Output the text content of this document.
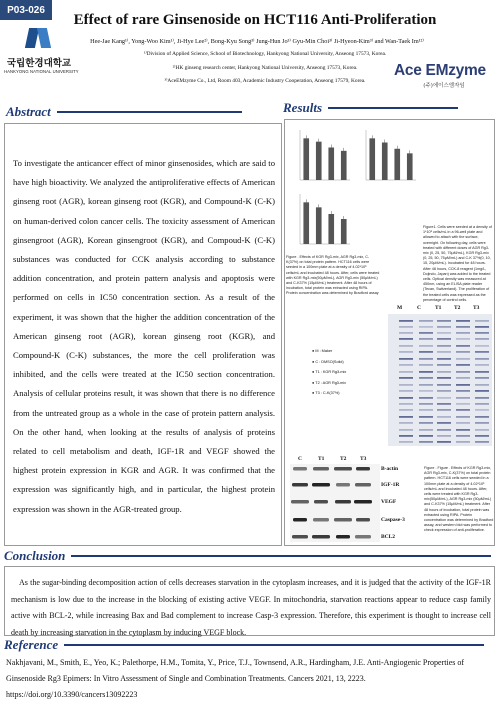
P03-026
국립한경대학교
HANKYONG NATIONAL UNIVERSITY
Effect of rare Ginsenoside on HCT116 Anti-Proliferation
Hee-Jae Kang¹⁾, Yong-Woo Kim¹⁾, Ji-Hye Lee²⁾, Bong-Kyu Song³⁾ Jung-Hun Jo³⁾ Gyu-Min Choi³⁾ Ji-Hyeon-Kim³⁾ and Wan-Taek Im¹²⁾
¹⁾Division of Applied Science, School of Biotechnology, Hankyong National University, Anseong 17573, Korea.
²⁾HK ginseng research center, Hankyong National University, Anseong 17573, Korea.
³⁾AceEMzyme Co., Ltd, Room 403, Academic Industry Cooperation, Anseong 17579, Korea.
Ace EMzyme
(주)에이스엠자임
Abstract
To investigate the anticancer effect of minor ginsenosides, which are said to have high bioactivity. We analyzed the antiproliferative effects of American ginseng root (AGR), korean ginseng root (KGR), and Compound-K (C-K) on human-derived colon cancer cells. The toxicity assessment of American ginsengroot (AGR), Korean ginsengroot (KGR), and Compoud-K (C-K) substances was conducted for CCK analysis according to substance addition concentration, and protein pattern analysis and apoptosis were performed on cells in IC50 concentration section. As a result of the experiment, it was shown that the higher the addition concentration of the American ginseng root (AGR), korean ginseng root (KGR), and Compound-K (C-K) substances, the more the cell proliferation was inhibited, and the cells were treated at the IC50 section concentration. Analysis of cellular proteins result, it was shown that there is no difference from the untreated group as a whole in the case of protein pattern analysis. On the other hand, when looking at the results of analysis of proteins related to cell metabolism and death, IGF-1R and VEGF showed the highest protein expression in KGR and AGR. It was confirmed that the expression was significantly high, and in particular, the highest protein expression was shown in the AGR-treated group.
Results
Figure1. Cells were seeded at a density of 1*10⁵ cells/mL in a 96-well plate and allowed to attach with the surface, overnight. On following day, cells were treated with different doses of AGR Rg3-mix (0, 25, 50, 75μM/mL), KGR Rg3-mix (0, 25, 50, 75μM/mL) and C-K 37%(0, 10, 15, 20μM/mL). Incubated for 48 hours. After 48 hours, CCK-8 reagent (1mg/L, Dojindo, Japan) was added to the treated cells. Optical density was measured at 450nm, using an ELISA plate reader (Tecan, Switzerland). The proliferation of the treated cells was expressed as the percentage of control cells.
Figure . Effects of KGR Rg3-mix, AGR Rg3-mix, C-K(37%) on total protein pattern. HCT116 cells were seeded in a 100mm plate at a density of 4.02*10⁵ cells/mL and incubated 48 hours. After, cells were treated with KGR Rg3-mix(50μM/mL), AGR Rg3-mix (50μM/mL) and C-K37% (15μM/mL) treatment. After 48 hours of incubation, total protein was extracted using RIPA. Protein concentration was determined by Bradford assay
M	C	T1 T2 T3
● M : Maker
● C : DMSO(Solid)
● T1 : KGR Rg3-mix
● T2 : AGR Rg3-mix
● T3 : C-K(37%)
C	T1	T2 T3
B-actin
IGF-1R
VEGF
Caspase-3
BCL2
Figure . Figure . Effects of KGR Rg3-mix, AGR Rg3-mix, C-K(37%) on total protein pattern. HCT116 cells were seeded in a 100mm plate at a density of 4.02*10⁵ cells/mL and incubated 48 hours. After, cells were treated with KGR Rg3-mix(50μM/mL), AGR Rg3-mix (50μM/mL) and C-K37% (15μM/mL) treatment. After 48 hours of incubation, total protein was extracted using RIPA. Protein concentration was determined by Bradford assay, and western blot was performed to check expression of anti-proliferative.
Conclusion
As the sugar-binding decomposition action of cells decreases starvation in the cytoplasm increases, and it is judged that the activity of the IGF-1R mechanism is low due to the increase in the blocking of existing active VEGF. In mitochondria, starvation reactions appear to reduce casp family active with BCL-2, while increasing Bax and Bad complement to increase Casp-3 expression. Therefore, this experiment is thought to increase cell death by increasing starvation in the cytoplasm by inducing VEGF block.
Reference
Nakhjavani, M., Smith, E., Yeo, K.; Palethorpe, H.M., Tomita, Y., Price, T.J., Townsend, A.R., Hardingham, J.E. Anti-Angiogenic Properties of Ginsenoside Rg3 Epimers: In Vitro Assessment of Single and Combination Treatments. Cancers 2021, 13, 2223. https://doi.org/10.3390/cancers13092223
